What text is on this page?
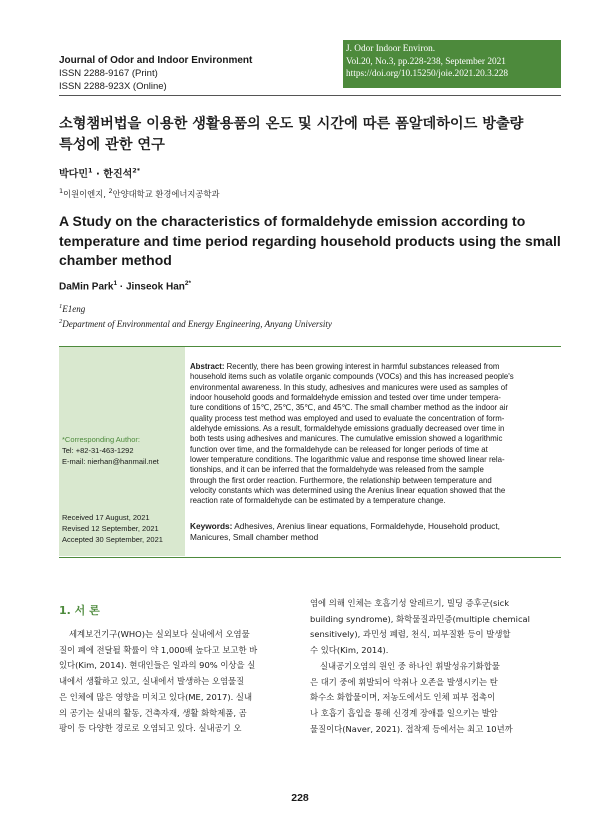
Journal of Odor and Indoor Environment
ISSN 2288-9167 (Print)
ISSN 2288-923X (Online)
J. Odor Indoor Environ.
Vol.20, No.3, pp.228-238, September 2021
https://doi.org/10.15250/joie.2021.20.3.228
소형챔버법을 이용한 생활용품의 온도 및 시간에 따른 폼알데하이드 방출량
특성에 관한 연구
박다민$^1$ · 한진석$^{2*}$
$^1$이원이엔지, $^2$안양대학교 환경에너지공학과
A Study on the characteristics of formaldehyde emission according to
temperature and time period regarding household products using the small
chamber method
DaMin Park$^1$ · Jinseok Han$^{2*}$
$^1$E1eng
$^2$Department of Environmental and Energy Engineering, Anyang University
*Corresponding Author:
Tel: +82-31-463-1292
E-mail: nierhan@hanmail.net
Received 17 August, 2021
Revised 12 September, 2021
Accepted 30 September, 2021
Abstract: Recently, there has been growing interest in harmful substances released from
household items such as volatile organic compounds (VOCs) and this has increased people's
environmental awareness. In this study, adhesives and manicures were used as samples of
indoor household goods and formaldehyde emission and tested over time under tempera-
ture conditions of 15℃, 25℃, 35℃, and 45℃. The small chamber method as the indoor air
quality process test method was employed and used to evaluate the concentration of form-
aldehyde emissions. As a result, formaldehyde emissions gradually decreased over time in
both tests using adhesives and manicures. The cumulative emission showed a logarithmic
function over time, and the formaldehyde can be released for longer periods of time at
lower temperature conditions. The logarithmic value and response time showed linear rela-
tionships, and it can be inferred that the formaldehyde was released from the sample
through the first order reaction. Furthermore, the relationship between temperature and
velocity constants which was determined using the Arenius linear equation showed that the
reaction rate of formaldehyde can be estimated by a temperature change.
Keywords: Adhesives, Arenius linear equations, Formaldehyde, Household product,
Manicures, Small chamber method
1. 서 론

세계보건기구(WHO)는 실외보다 실내에서 오염물

질이 폐에 전달될 확률이 약 1,000배 높다고 보고한 바

있다(Kim, 2014). 현대인들은 일과의 90% 이상을 실

내에서 생활하고 있고, 실내에서 발생하는 오염물질

은 인체에 많은 영향을 미치고 있다(ME, 2017). 실내

의 공기는 실내의 활동, 건축자재, 생활 화학제품, 곰

팡이 등 다양한 경로로 오염되고 있다. 실내공기 오

염에 의해 인체는 호흡기성 알레르기, 빌딩 증후군(sick

building syndrome), 화학물질과민증(multiple chemical

sensitively), 과민성 폐렴, 천식, 피부질환 등이 발생할

수 있다(Kim, 2014).

실내공기오염의 원인 중 하나인 휘발성유기화합물

은 대기 중에 휘발되어 악취나 오존을 발생시키는 탄

화수소 화합물이며, 저농도에서도 인체 피부 접촉이

나 호흡기 흡입을 통해 신경계 장애를 일으키는 발암

물질이다(Naver, 2021). 접착제 등에서는 최고 10년까

228
